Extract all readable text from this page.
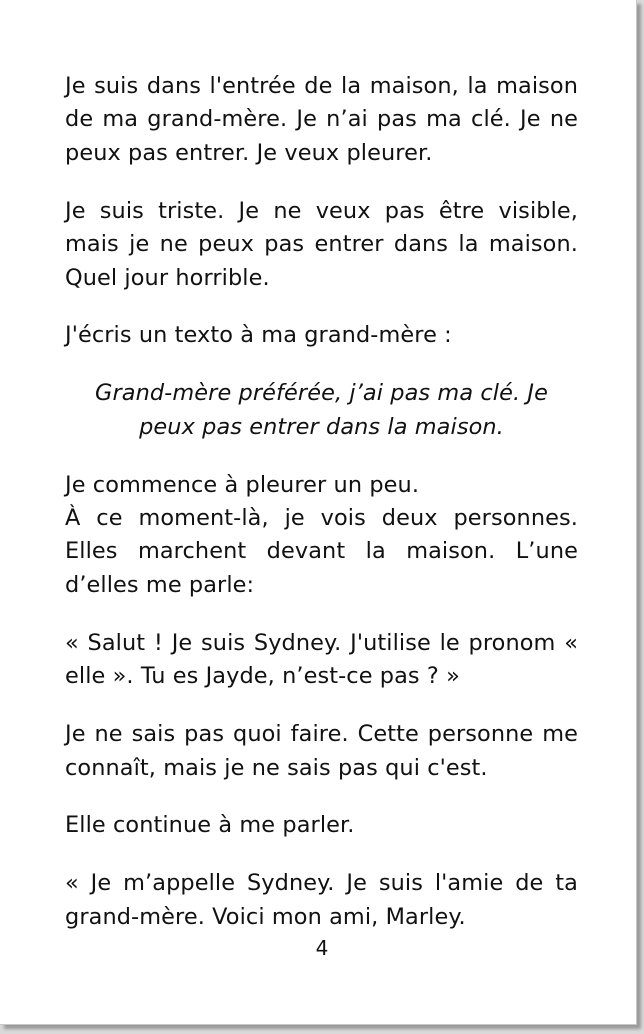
Je suis dans l'entrée de la maison, la maison de ma grand-mère. Je n’ai pas ma clé. Je ne peux pas entrer. Je veux pleurer.

Je suis triste. Je ne veux pas être visible, mais je ne peux pas entrer dans la maison. Quel jour horrible.

J'écris un texto à ma grand-mère :

Grand-mère préférée, j’ai pas ma clé. Je peux pas entrer dans la maison.

Je commence à pleurer un peu.
À ce moment-là, je vois deux personnes. Elles marchent devant la maison. L’une d’elles me parle:

« Salut ! Je suis Sydney. J'utilise le pronom « elle ». Tu es Jayde, n’est-ce pas ? »

Je ne sais pas quoi faire. Cette personne me connaît, mais je ne sais pas qui c'est.

Elle continue à me parler.

« Je m’appelle Sydney. Je suis l'amie de ta grand-mère. Voici mon ami, Marley.

4
